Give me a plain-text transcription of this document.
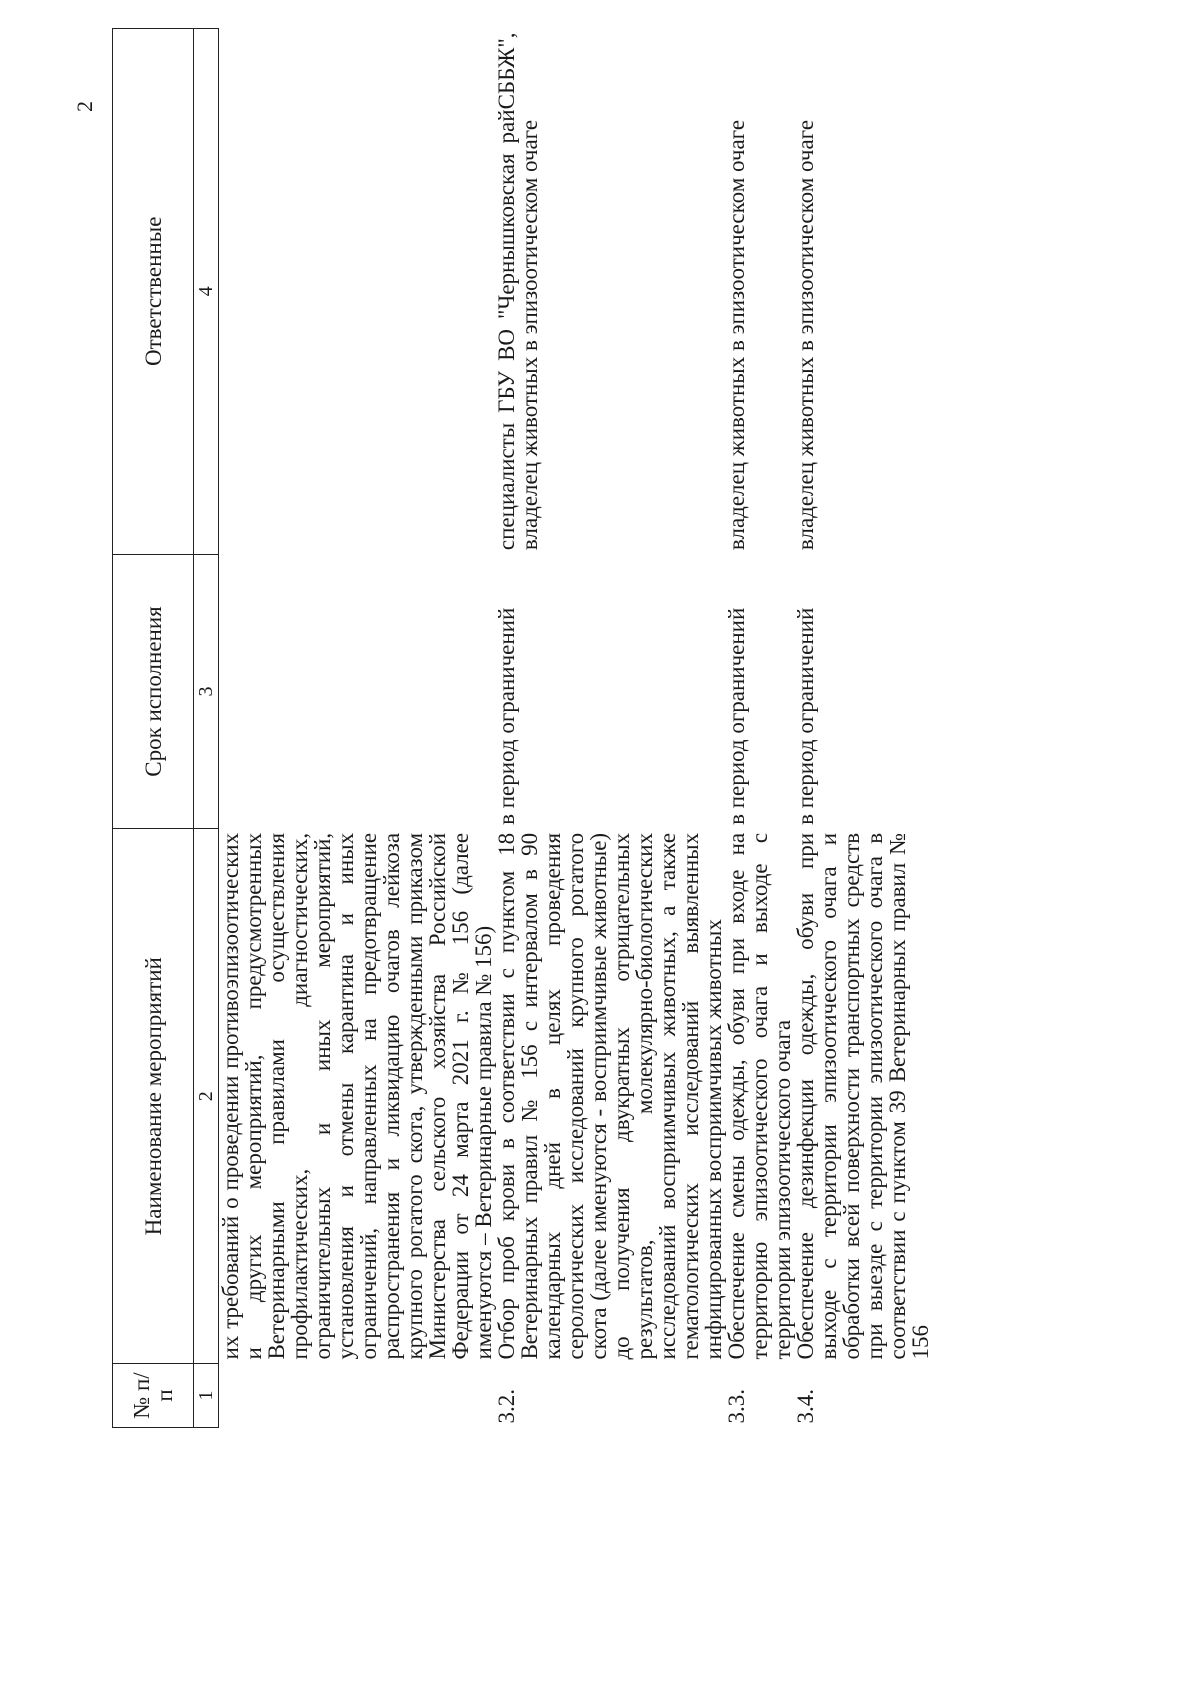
2
№ п/п	Наименование мероприятий	Срок исполнения	Ответственные
1	2	3	4
	их требований о проведении противоэпизоотических и других мероприятий, предусмотренных Ветеринарными правилами осуществления профилактических, диагностических, ограничительных и иных мероприятий, установления и отмены карантина и иных ограничений, направленных на предотвращение распространения и ликвидацию очагов лейкоза крупного рогатого скота, утвержденными приказом Министерства сельского хозяйства Российской Федерации от 24 марта 2021 г. № 156 (далее именуются – Ветеринарные правила № 156)		
3.2.	Отбор проб крови в соответствии с пунктом 18 Ветеринарных правил № 156 с интервалом в 90 календарных дней в целях проведения серологических исследований крупного рогатого скота (далее именуются - восприимчивые животные) до получения двукратных отрицательных результатов, молекулярно-биологических исследований восприимчивых животных, а также гематологических исследований выявленных инфицированных восприимчивых животных	в период ограничений	специалисты ГБУ ВО "Чернышковская райСББЖ", владелец животных в эпизоотическом очаге
3.3.	Обеспечение смены одежды, обуви при входе на территорию эпизоотического очага и выходе с территории эпизоотического очага	в период ограничений	владелец животных в эпизоотическом очаге
3.4.	Обеспечение дезинфекции одежды, обуви при выходе с территории эпизоотического очага и обработки всей поверхности транспортных средств при выезде с территории эпизоотического очага в соответствии с пунктом 39 Ветеринарных правил № 156	в период ограничений	владелец животных в эпизоотическом очаге
